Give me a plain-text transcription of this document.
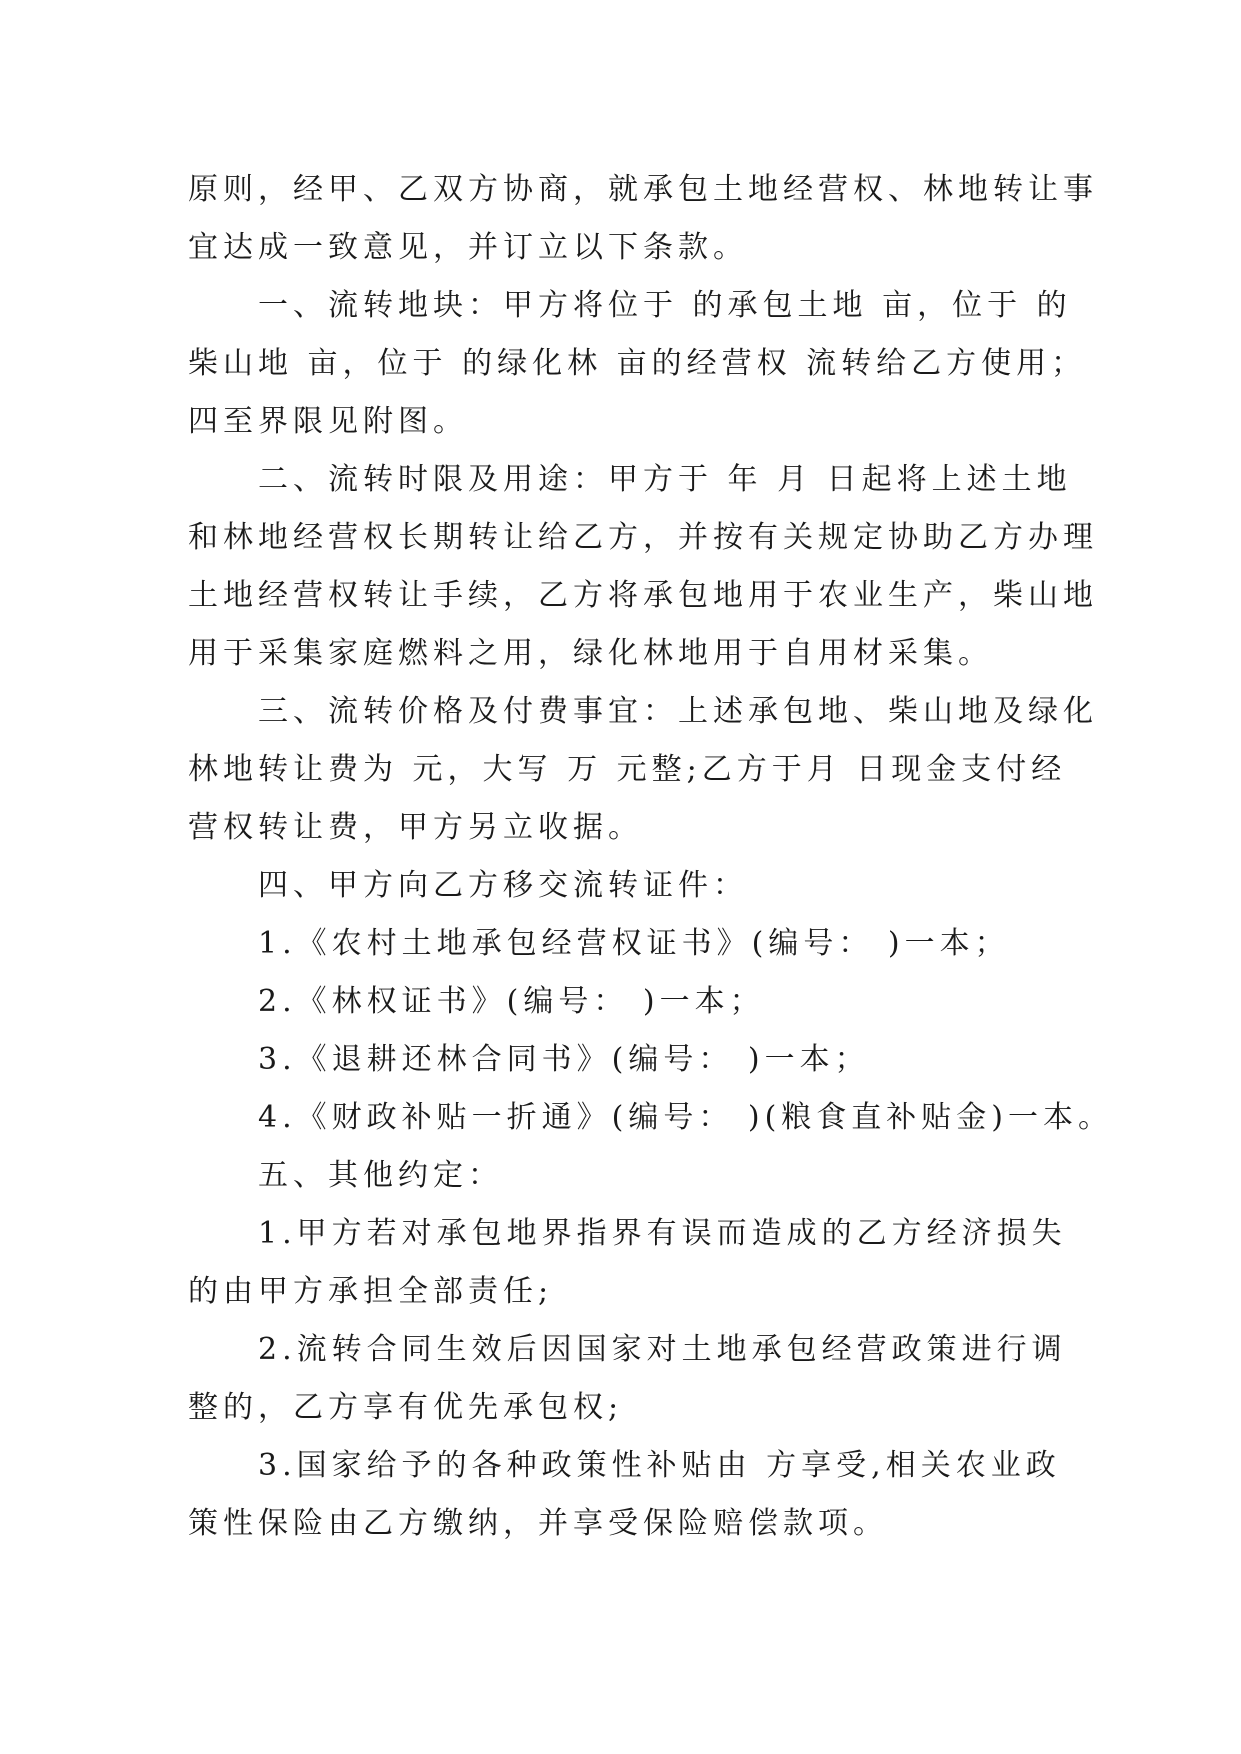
原则，经甲、乙双方协商，就承包土地经营权、林地转让事
宜达成一致意见，并订立以下条款。
一、流转地块：甲方将位于 的承包土地 亩，位于 的
柴山地 亩，位于 的绿化林 亩的经营权 流转给乙方使用；
四至界限见附图。
二、流转时限及用途：甲方于 年 月 日起将上述土地
和林地经营权长期转让给乙方，并按有关规定协助乙方办理
土地经营权转让手续，乙方将承包地用于农业生产，柴山地
用于采集家庭燃料之用，绿化林地用于自用材采集。
三、流转价格及付费事宜：上述承包地、柴山地及绿化
林地转让费为 元，大写 万 元整;乙方于月 日现金支付经
营权转让费，甲方另立收据。
四、甲方向乙方移交流转证件：
1.《农村土地承包经营权证书》(编号： )一本；
2.《林权证书》(编号： )一本；
3.《退耕还林合同书》(编号： )一本；
4.《财政补贴一折通》(编号： )(粮食直补贴金)一本。
五、其他约定：
1.甲方若对承包地界指界有误而造成的乙方经济损失
的由甲方承担全部责任;
2.流转合同生效后因国家对土地承包经营政策进行调
整的，乙方享有优先承包权;
3.国家给予的各种政策性补贴由 方享受,相关农业政
策性保险由乙方缴纳，并享受保险赔偿款项。
